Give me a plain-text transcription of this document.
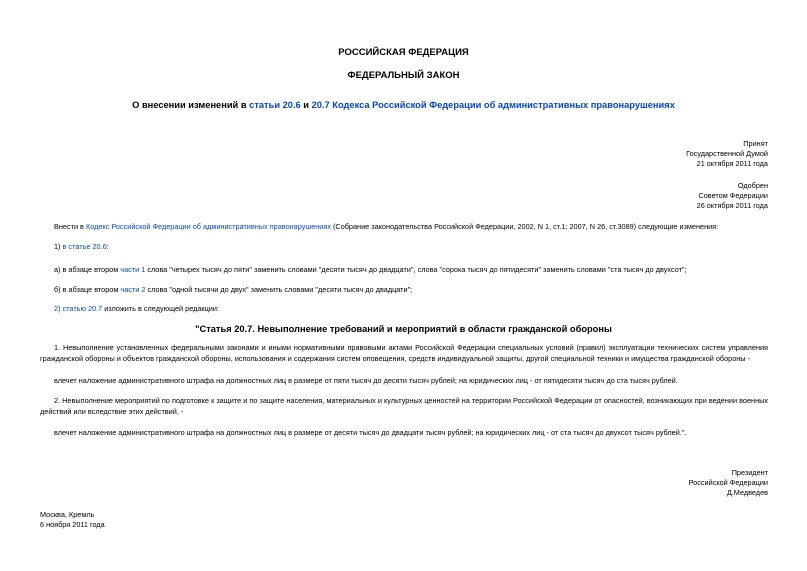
РОССИЙСКАЯ ФЕДЕРАЦИЯ
ФЕДЕРАЛЬНЫЙ ЗАКОН
О внесении изменений в статьи 20.6 и 20.7 Кодекса Российской Федерации об административных правонарушениях
Принят
Государственной Думой
21 октября 2011 года
Одобрен
Советом Федерации
26 октября 2011 года
Внести в Кодекс Российской Федерации об административных правонарушениях (Собрание законодательства Российской Федерации, 2002, N 1, ст.1; 2007, N 26, ст.3089) следующие изменения:
1) в статье 20.6:
а) в абзаце втором части 1 слова "четырех тысяч до пяти" заменить словами "десяти тысяч до двадцати", слова "сорока тысяч до пятидесяти" заменить словами "ста тысяч до двухсот";
б) в абзаце втором части 2 слова "одной тысячи до двух" заменить словами "десяти тысяч до двадцати";
2) статью 20.7 изложить в следующей редакции:
"Статья 20.7. Невыполнение требований и мероприятий в области гражданской обороны
1. Невыполнение установленных федеральными законами и иными нормативными правовыми актами Российской Федерации специальных условий (правил) эксплуатации технических систем управления гражданской обороны и объектов гражданской обороны, использования и содержания систем оповещения, средств индивидуальной защиты, другой специальной техники и имущества гражданской обороны -
влечет наложение административного штрафа на должностных лиц в размере от пяти тысяч до десяти тысяч рублей; на юридических лиц - от пятидесяти тысяч до ста тысяч рублей.
2. Невыполнение мероприятий по подготовке к защите и по защите населения, материальных и культурных ценностей на территории Российской Федерации от опасностей, возникающих при ведении военных действий или вследствие этих действий, -
влечет наложение административного штрафа на должностных лиц в размере от десяти тысяч до двадцати тысяч рублей; на юридических лиц - от ста тысяч до двухсот тысяч рублей.".
Президент
Российской Федерации
Д.Медведев
Москва, Кремль
6 ноября 2011 года
